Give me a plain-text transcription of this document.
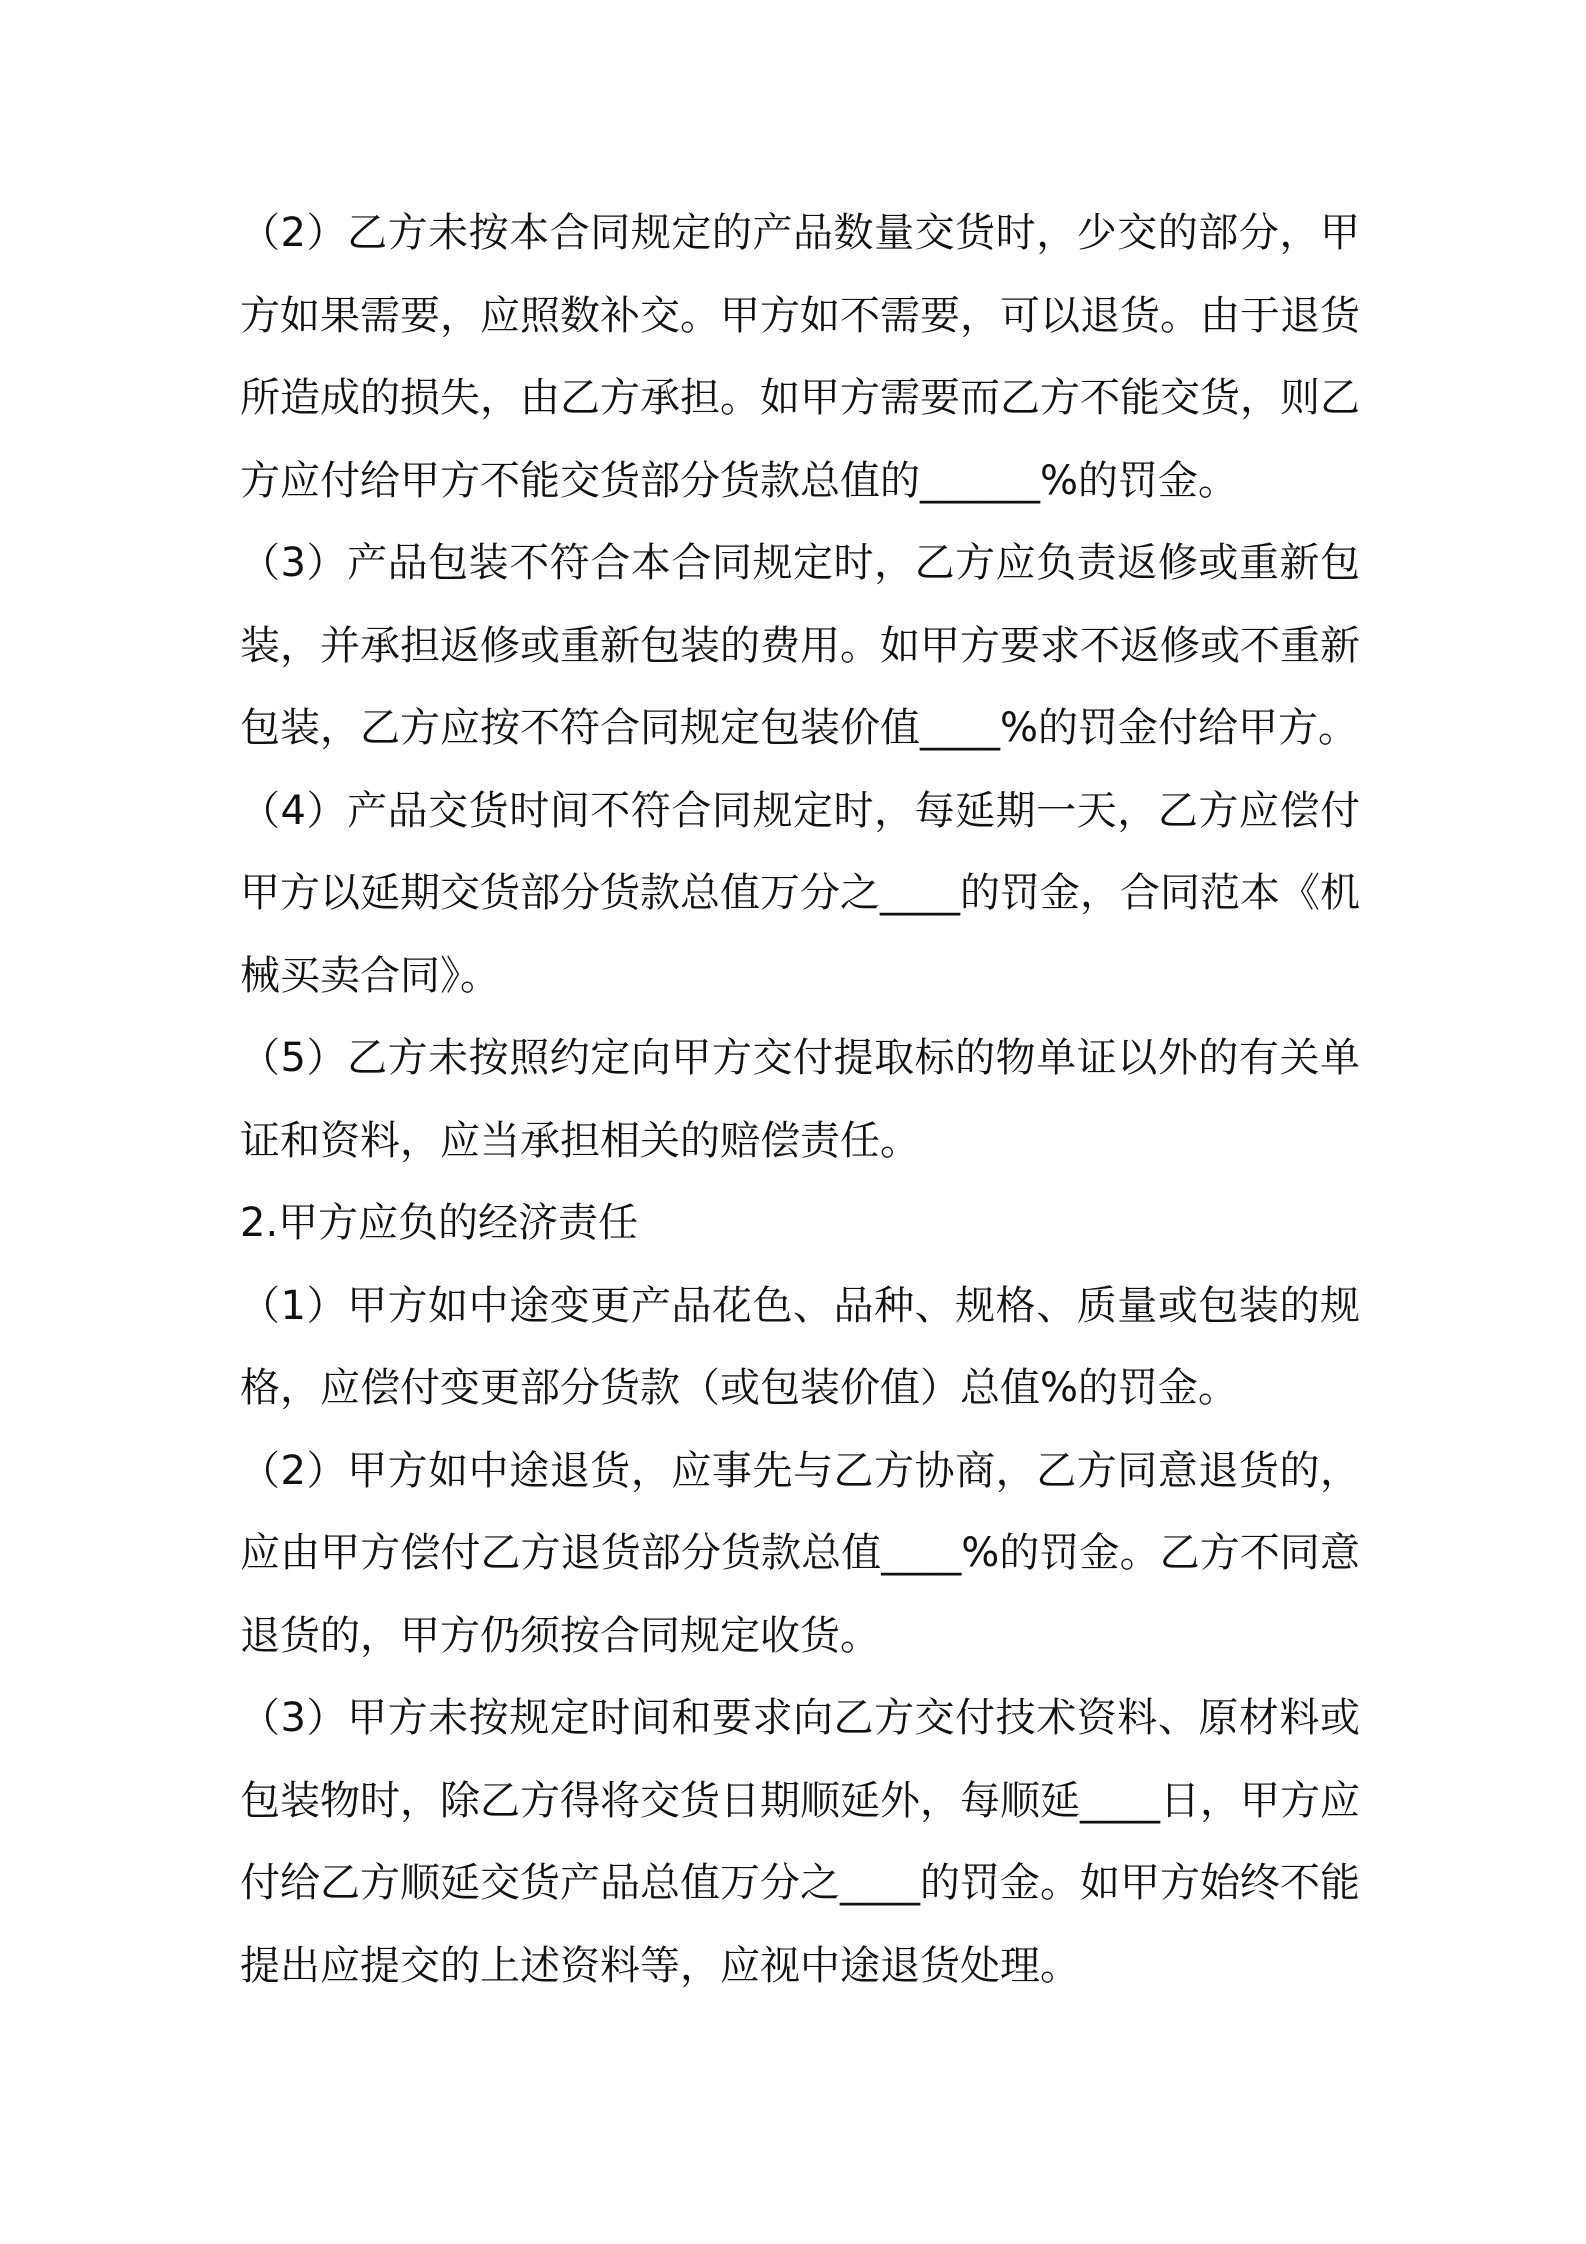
（2）乙方未按本合同规定的产品数量交货时，少交的部分，甲方如果需要，应照数补交。甲方如不需要，可以退货。由于退货所造成的损失，由乙方承担。如甲方需要而乙方不能交货，则乙方应付给甲方不能交货部分货款总值的______%的罚金。

（3）产品包装不符合本合同规定时，乙方应负责返修或重新包装，并承担返修或重新包装的费用。如甲方要求不返修或不重新包装，乙方应按不符合同规定包装价值____%的罚金付给甲方。

（4）产品交货时间不符合同规定时，每延期一天，乙方应偿付甲方以延期交货部分货款总值万分之____的罚金，合同范本《机械买卖合同》。

（5）乙方未按照约定向甲方交付提取标的物单证以外的有关单证和资料，应当承担相关的赔偿责任。

2.甲方应负的经济责任

（1）甲方如中途变更产品花色、品种、规格、质量或包装的规格，应偿付变更部分货款（或包装价值）总值%的罚金。

（2）甲方如中途退货，应事先与乙方协商，乙方同意退货的，应由甲方偿付乙方退货部分货款总值____%的罚金。乙方不同意退货的，甲方仍须按合同规定收货。

（3）甲方未按规定时间和要求向乙方交付技术资料、原材料或包装物时，除乙方得将交货日期顺延外，每顺延____日，甲方应付给乙方顺延交货产品总值万分之____的罚金。如甲方始终不能提出应提交的上述资料等，应视中途退货处理。
